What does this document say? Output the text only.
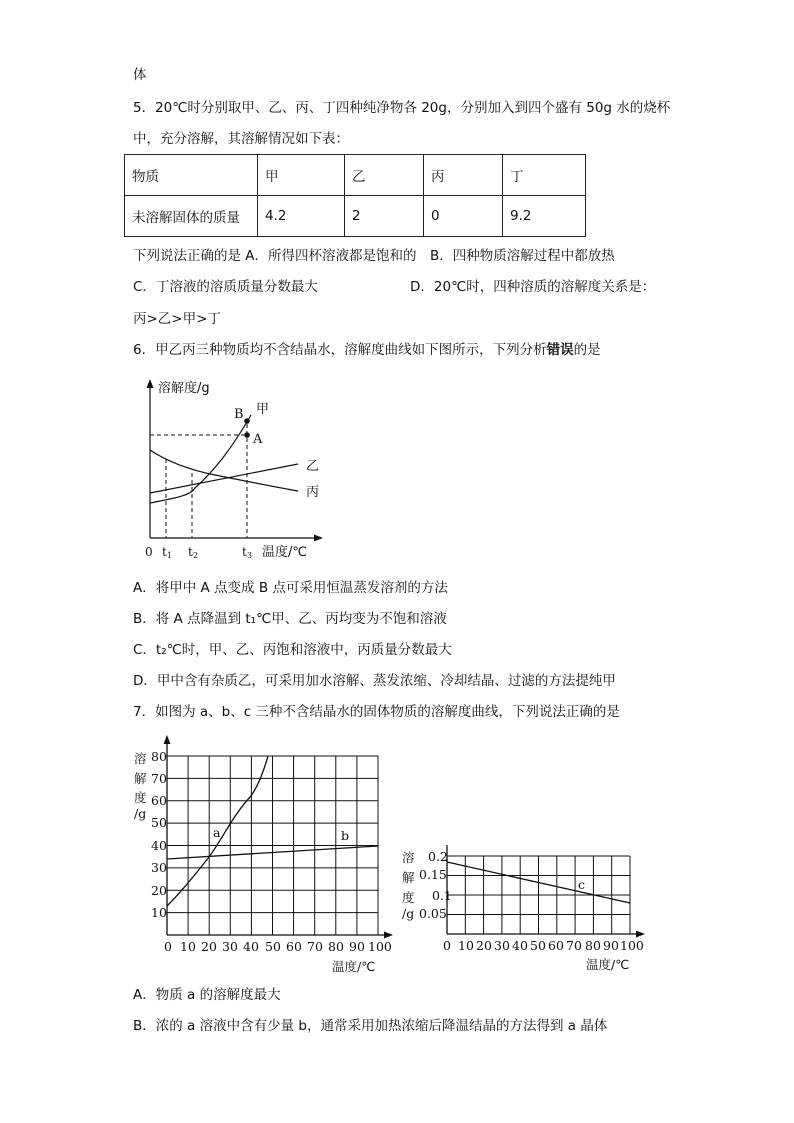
体
5．20℃时分别取甲、乙、丙、丁四种纯净物各 20g，分别加入到四个盛有 50g 水的烧杯
中，充分溶解，其溶解情况如下表：
物质	甲	乙	丙	丁
未溶解固体的质量	4.2	2	0	9.2
下列说法正确的是 A．所得四杯溶液都是饱和的　B．四种物质溶解过程中都放热
C．丁溶液的溶质质量分数最大	D．20℃时，四种溶质的溶解度关系是：
丙>乙>甲>丁
6．甲乙丙三种物质均不含结晶水，溶解度曲线如下图所示，下列分析错误的是
溶解度/g
B 甲
A
乙
丙
0 t 1 t 2	t 3 温度/℃
A．将甲中 A 点变成 B 点可采用恒温蒸发溶剂的方法
B．将 A 点降温到 t₁℃甲、乙、丙均变为不饱和溶液
C．t₂℃时，甲、乙、丙饱和溶液中，丙质量分数最大
D．甲中含有杂质乙，可采用加水溶解、蒸发浓缩、冷却结晶、过滤的方法提纯甲
7．如图为 a、b、c 三种不含结晶水的固体物质的溶解度曲线，下列说法正确的是
溶
解
度
/g
80
70
60
50
40
30
20
10
0 10 20 30 40 50 60 70 80 90 100
温度/℃
a	b
溶
解
度
/g
0.2
0.15
0.1
0.05
0 10 20 30 40 50 60 70 80 90 100
温度/℃
c
A．物质 a 的溶解度最大
B．浓的 a 溶液中含有少量 b，通常采用加热浓缩后降温结晶的方法得到 a 晶体
